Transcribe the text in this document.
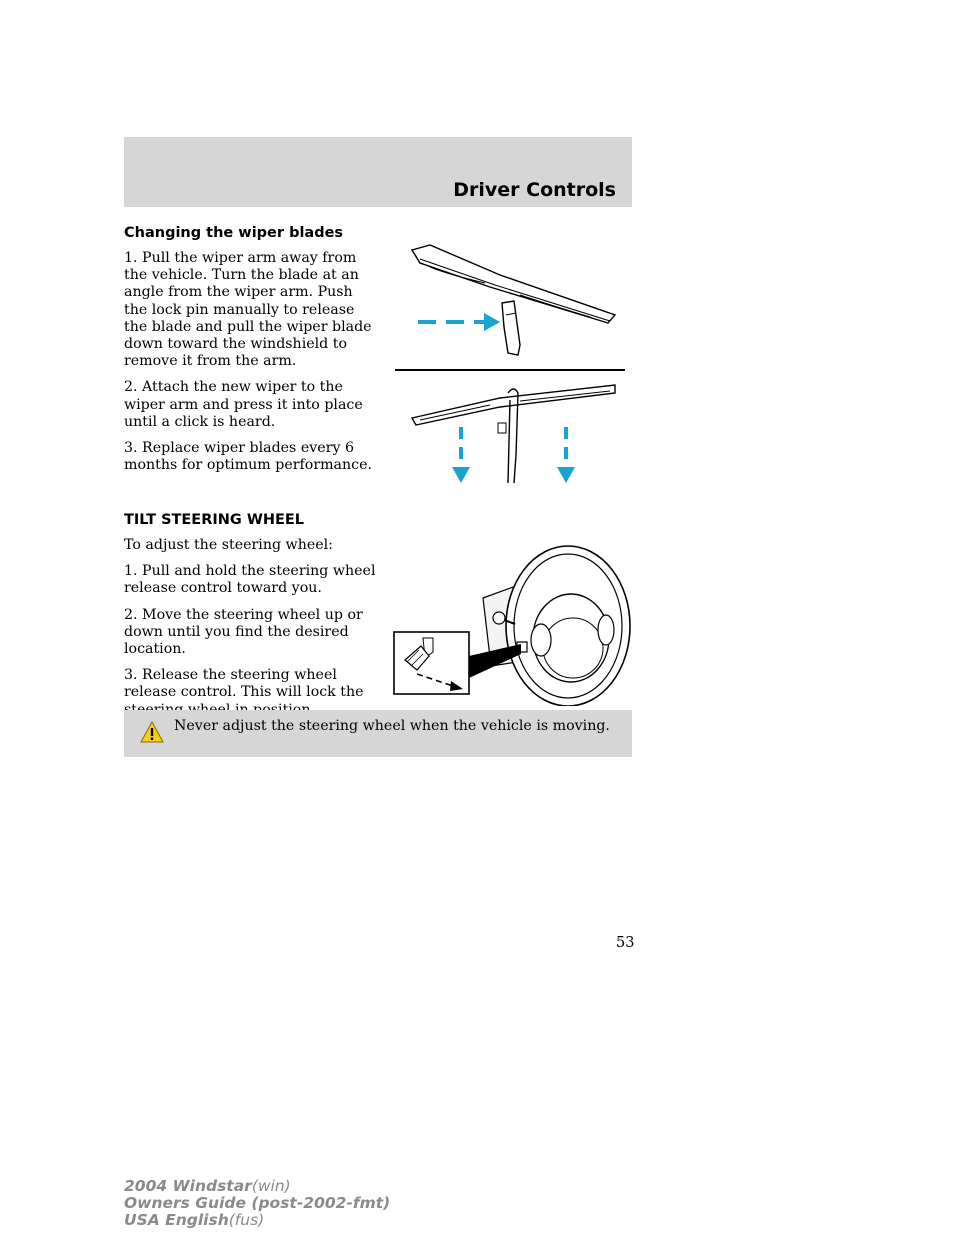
Driver Controls
Changing the wiper blades

1. Pull the wiper arm away from the vehicle. Turn the blade at an angle from the wiper arm. Push the lock pin manually to release the blade and pull the wiper blade down toward the windshield to remove it from the arm.

2. Attach the new wiper to the wiper arm and press it into place until a click is heard.

3. Replace wiper blades every 6 months for optimum performance.

TILT STEERING WHEEL

To adjust the steering wheel:

1. Pull and hold the steering wheel release control toward you.

2. Move the steering wheel up or down until you find the desired location.

3. Release the steering wheel release control. This will lock the

Never adjust the steering wheel when the vehicle is moving.
53
2004 Windstar(win)
Owners Guide (post-2002-fmt)
USA English(fus)
